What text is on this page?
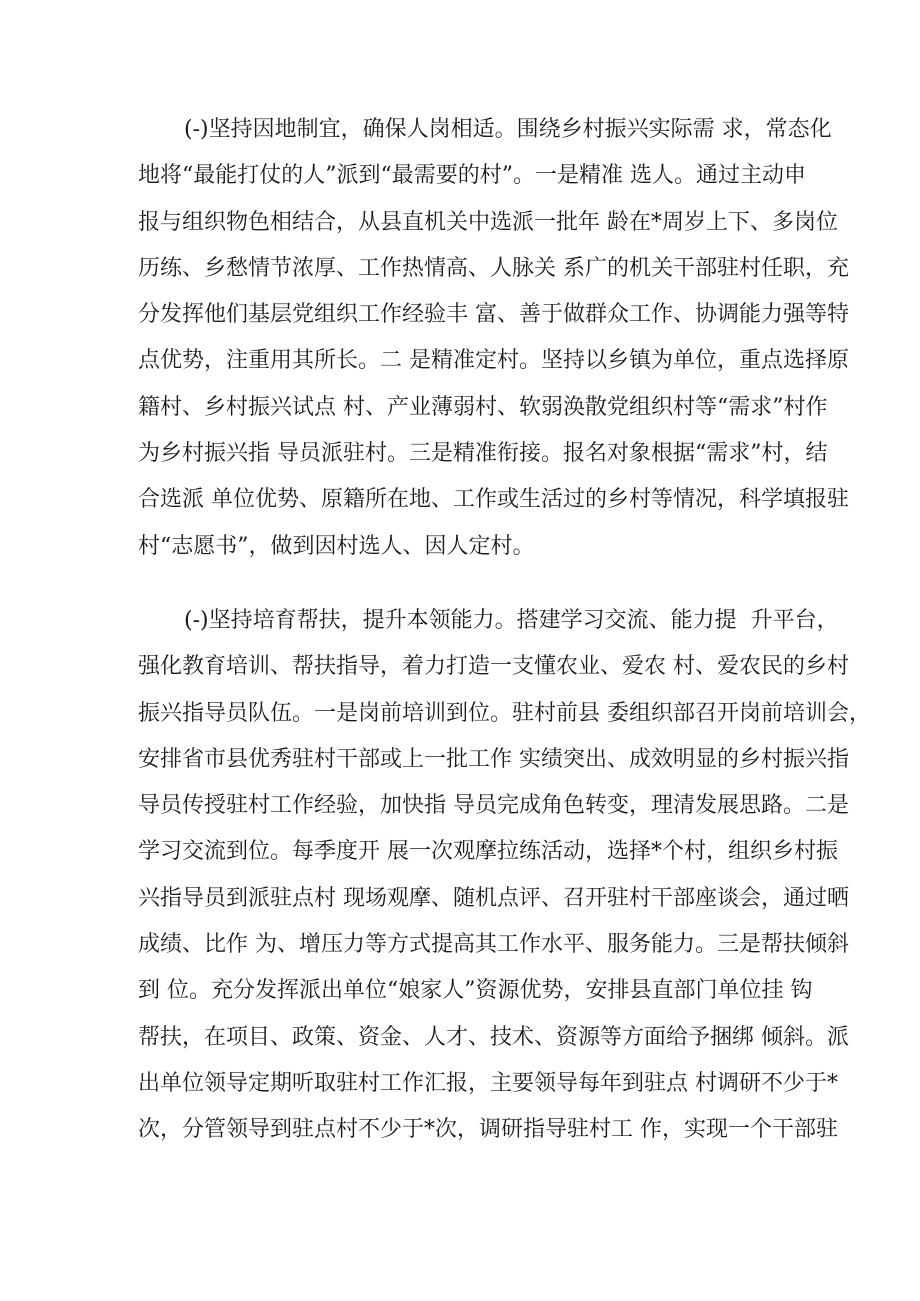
(-)坚持因地制宜，确保人岗相适。围绕乡村振兴实际需 求，常态化
地将“最能打仗的人”派到“最需要的村”。一是精准 选人。通过主动申
报与组织物色相结合，从县直机关中选派一批年 龄在*周岁上下、多岗位
历练、乡愁情节浓厚、工作热情高、人脉关 系广的机关干部驻村任职，充
分发挥他们基层党组织工作经验丰 富、善于做群众工作、协调能力强等特
点优势，注重用其所长。二 是精准定村。坚持以乡镇为单位，重点选择原
籍村、乡村振兴试点 村、产业薄弱村、软弱涣散党组织村等“需求”村作
为乡村振兴指 导员派驻村。三是精准衔接。报名对象根据“需求”村，结
合选派 单位优势、原籍所在地、工作或生活过的乡村等情况，科学填报驻
村“志愿书”，做到因村选人、因人定村。
(-)坚持培育帮扶，提升本领能力。搭建学习交流、能力提  升平台，
强化教育培训、帮扶指导，着力打造一支懂农业、爱农 村、爱农民的乡村
振兴指导员队伍。一是岗前培训到位。驻村前县 委组织部召开岗前培训会，
安排省市县优秀驻村干部或上一批工作 实绩突出、成效明显的乡村振兴指
导员传授驻村工作经验，加快指 导员完成角色转变，理清发展思路。二是
学习交流到位。每季度开 展一次观摩拉练活动，选择*个村，组织乡村振
兴指导员到派驻点村 现场观摩、随机点评、召开驻村干部座谈会，通过晒
成绩、比作 为、增压力等方式提高其工作水平、服务能力。三是帮扶倾斜
到 位。充分发挥派出单位“娘家人”资源优势，安排县直部门单位挂 钩
帮扶，在项目、政策、资金、人才、技术、资源等方面给予捆绑 倾斜。派
出单位领导定期听取驻村工作汇报，主要领导每年到驻点 村调研不少于*
次，分管领导到驻点村不少于*次，调研指导驻村工 作，实现一个干部驻
